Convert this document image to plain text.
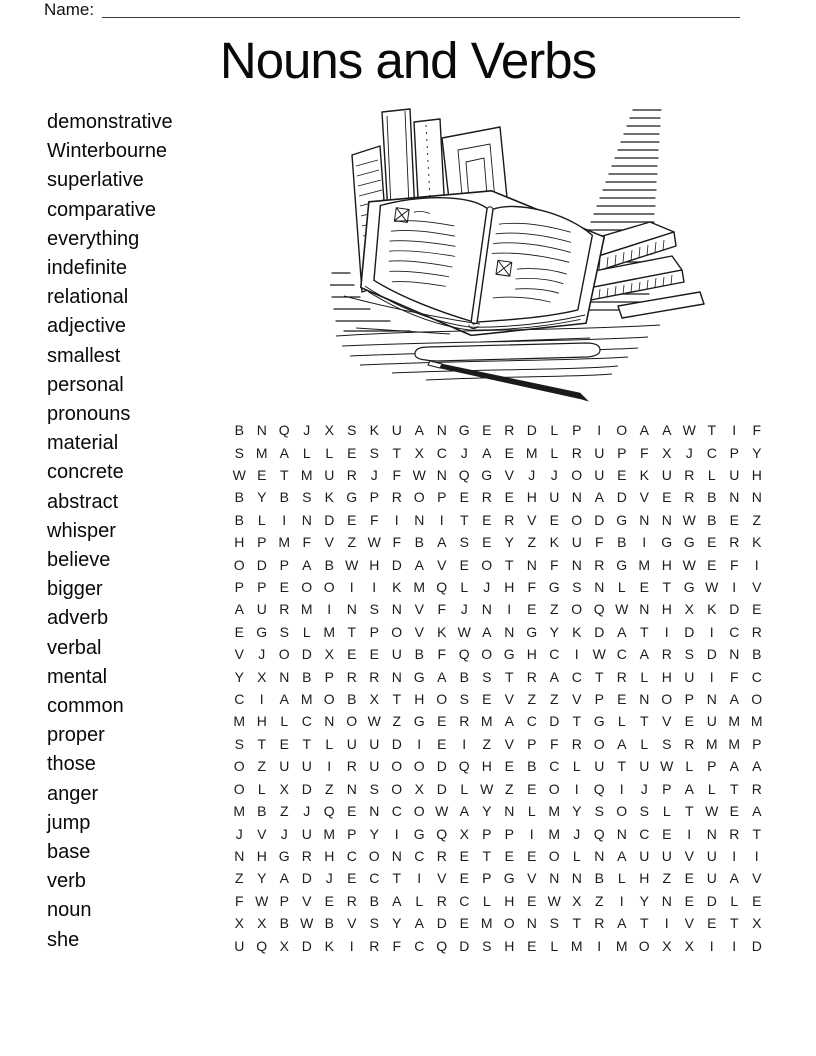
Name:
Nouns and Verbs
demonstrative
Winterbourne
superlative
comparative
everything
indefinite
relational
adjective
smallest
personal
pronouns
material
concrete
abstract
whisper
believe
bigger
adverb
verbal
mental
common
proper
those
anger
jump
base
verb
noun
she
B N Q J	X S K U A N G E R D L P	I	O A A W T	I	F
S M A L	L E S T X C J	A E M L R U P F X	J C P Y
W E T M U R J	F W N Q G V	J	J O U E K U R L U H
B Y B S K G P R O P E R E H U N A D V E R B N N
B L	I	N D E F	I	N	I	T E R V E O D G N N W B E Z
H P M F V Z W F B A S E Y Z K U F B	I	G G E R K
O D P A B W H D A V E O T N F N R G M H W E F	I
P P E O O	I	I	K M Q L	J H F G S N L E T G W I	V
A U R M	I	N S N V F	J N	I	E Z O Q W N H X K D E
E G S L M T P O V K W A N G Y K D A T	I	D	I	C R
V	J O D X E E U B F Q O G H C	I W C A R S D N B
Y X N B P R R N G A B S T R A C T R L H U	I	F C
C	I	A M O B X T H O S E V Z Z V P E N O P N A O
M H L C N O W Z G E R M A C D T G L	T V E U M M
S T E T	L U U D	I	E	I	Z V P F R O A L S R M M P
O Z U U	I	R U O O D Q H E B C L U T U W L P A A
O L X D Z N S O X D L W Z E O	I	Q	I	J	P A L	T R
M B Z	J Q E N C O W A Y N L M Y S O S L	T W E A
J	V	J U M P Y	I	G Q X P P	I	M J Q N C E	I	N R T
N H G R H C O N C R E T E E O L N A U U V U	I	I
Z Y A D J	E C T	I	V E P G V N N B L H Z E U A V
F W P V E R B A L R C L H E W X Z	I	Y N E D L E
X X B W B V S Y A D E M O N S T R A T	I	V E T X
U Q X D K	I	R F C Q D S H E L M	I	M O X X	I	I	D
